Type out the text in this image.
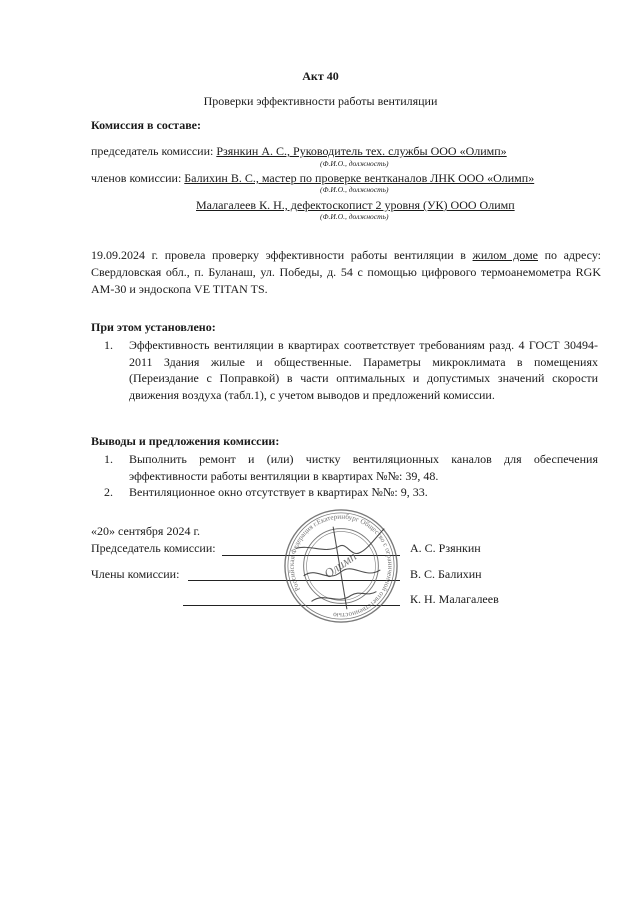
Акт 40
Проверки эффективности работы вентиляции
Комиссия в составе:
председатель комиссии: Рзянкин А. С., Руководитель тех. службы ООО «Олимп»
(Ф.И.О., должность)
членов комиссии: Балихин В. С., мастер по проверке вентканалов ЛНК ООО «Олимп»
(Ф.И.О., должность)
Малагалеев К. Н., дефектоскопист 2 уровня (УК) ООО Олимп
(Ф.И.О., должность)
19.09.2024 г. провела проверку эффективности работы вентиляции в жилом доме по адресу: Свердловская обл., п. Буланаш, ул. Победы, д. 54 с помощью цифрового термоанемометра RGK AM-30 и эндоскопа VE TITAN TS.
При этом установлено:
1. Эффективность вентиляции в квартирах соответствует требованиям разд. 4 ГОСТ 30494-2011 Здания жилые и общественные. Параметры микроклимата в помещениях (Переиздание с Поправкой) в части оптимальных и допустимых значений скорости движения воздуха (табл.1), с учетом выводов и предложений комиссии.
Выводы и предложения комиссии:
1. Выполнить ремонт и (или) чистку вентиляционных каналов для обеспечения эффективности работы вентиляции в квартирах №№: 39, 48.
2. Вентиляционное окно отсутствует в квартирах №№: 9, 33.
«20» сентября 2024 г.
Председатель комиссии:	А. С. Рзянкин
Члены комиссии:	В. С. Балихин
К. Н. Малагалеев
Российская Федерация г.Екатеринбург Общество с ограниченной ответственностью
Олимп
